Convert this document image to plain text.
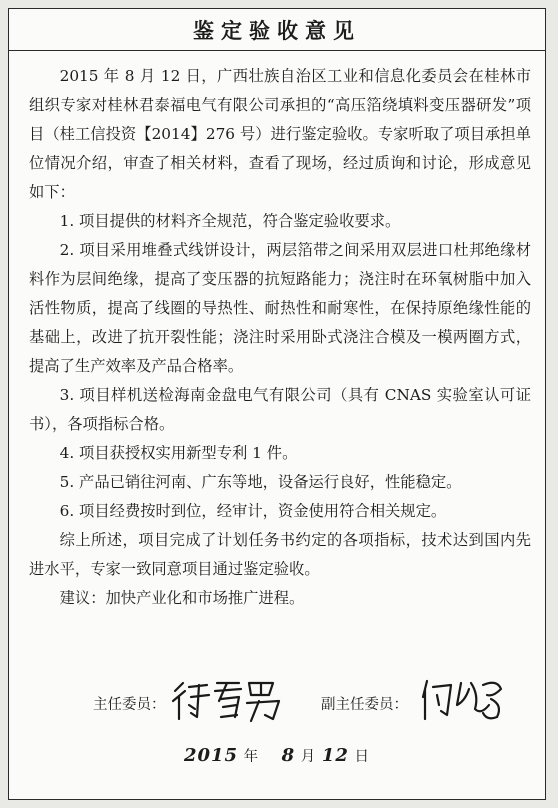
鉴定验收意见

2015 年 8 月 12 日，广西壮族自治区工业和信息化委员会在桂林市组织专家对桂林君泰福电气有限公司承担的“高压箔绕填料变压器研发”项目（桂工信投资【2014】276 号）进行鉴定验收。专家听取了项目承担单位情况介绍，审查了相关材料，查看了现场，经过质询和讨论，形成意见如下：

1. 项目提供的材料齐全规范，符合鉴定验收要求。

2. 项目采用堆叠式线饼设计，两层箔带之间采用双层进口杜邦绝缘材料作为层间绝缘，提高了变压器的抗短路能力；浇注时在环氧树脂中加入活性物质，提高了线圈的导热性、耐热性和耐寒性，在保持原绝缘性能的基础上，改进了抗开裂性能；浇注时采用卧式浇注合模及一模两圈方式，提高了生产效率及产品合格率。

3. 项目样机送检海南金盘电气有限公司（具有 CNAS 实验室认可证书），各项指标合格。

4. 项目获授权实用新型专利 1 件。

5. 产品已销往河南、广东等地，设备运行良好，性能稳定。

6. 项目经费按时到位，经审计，资金使用符合相关规定。

综上所述，项目完成了计划任务书约定的各项指标，技术达到国内先进水平，专家一致同意项目通过鉴定验收。

建议：加快产业化和市场推广进程。

主任委员：	副主任委员：
2015 年 8 月 12 日
